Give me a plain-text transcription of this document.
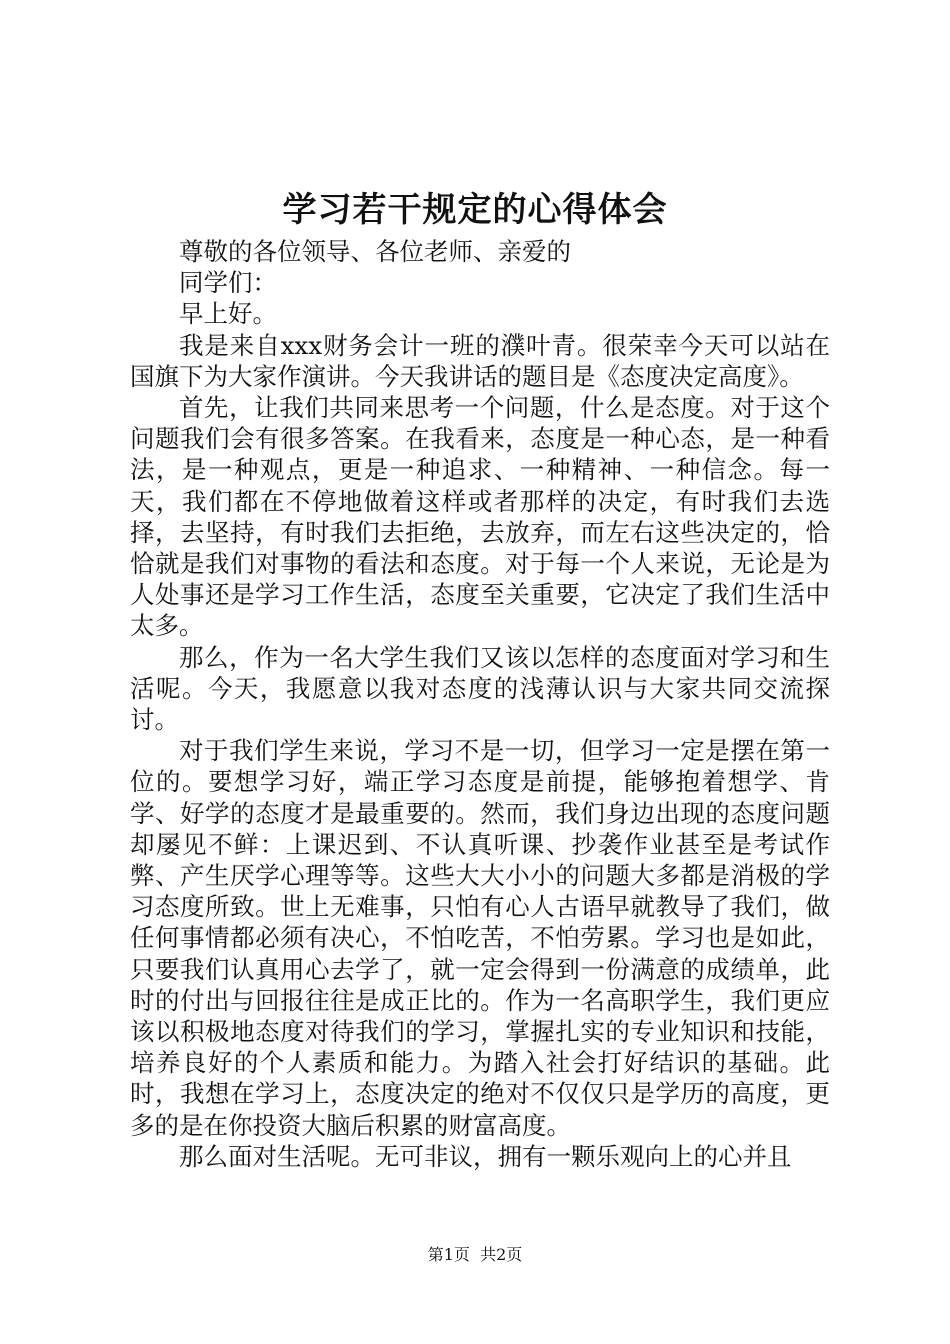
学习若干规定的心得体会

尊敬的各位领导、各位老师、亲爱的

同学们：

早上好。

我是来自xxx财务会计一班的濮叶青。很荣幸今天可以站在国旗下为大家作演讲。今天我讲话的题目是《态度决定高度》。

首先，让我们共同来思考一个问题，什么是态度。对于这个问题我们会有很多答案。在我看来，态度是一种心态，是一种看法，是一种观点，更是一种追求、一种精神、一种信念。每一天，我们都在不停地做着这样或者那样的决定，有时我们去选择，去坚持，有时我们去拒绝，去放弃，而左右这些决定的，恰恰就是我们对事物的看法和态度。对于每一个人来说，无论是为人处事还是学习工作生活，态度至关重要，它决定了我们生活中太多。

那么，作为一名大学生我们又该以怎样的态度面对学习和生活呢。今天，我愿意以我对态度的浅薄认识与大家共同交流探讨。

对于我们学生来说，学习不是一切，但学习一定是摆在第一位的。要想学习好，端正学习态度是前提，能够抱着想学、肯学、好学的态度才是最重要的。然而，我们身边出现的态度问题却屡见不鲜：上课迟到、不认真听课、抄袭作业甚至是考试作弊、产生厌学心理等等。这些大大小小的问题大多都是消极的学习态度所致。世上无难事，只怕有心人古语早就教导了我们，做任何事情都必须有决心，不怕吃苦，不怕劳累。学习也是如此，只要我们认真用心去学了，就一定会得到一份满意的成绩单，此时的付出与回报往往是成正比的。作为一名高职学生，我们更应该以积极地态度对待我们的学习，掌握扎实的专业知识和技能，培养良好的个人素质和能力。为踏入社会打好结识的基础。此时，我想在学习上，态度决定的绝对不仅仅只是学历的高度，更多的是在你投资大脑后积累的财富高度。

那么面对生活呢。无可非议，拥有一颗乐观向上的心并且

第1页 共2页
